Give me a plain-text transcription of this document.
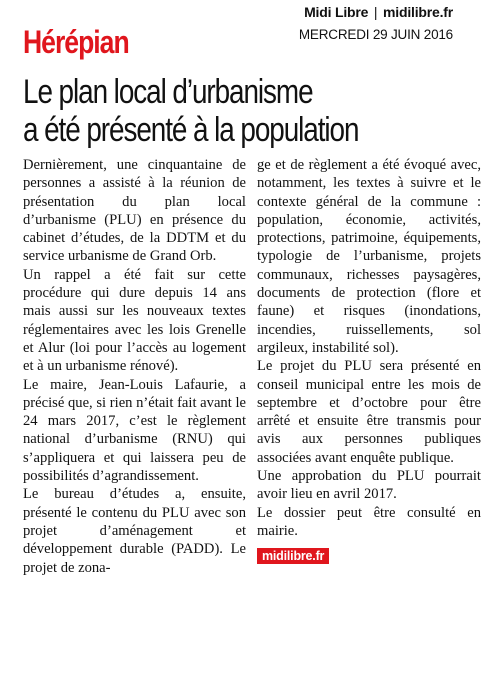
Midi Libre | midilibre.fr
MERCREDI 29 JUIN 2016
Hérépian
Le plan local d’urbanisme
a été présenté à la population

Dernièrement, une cinquantaine de personnes a assisté à la réunion de présentation du plan local d’urbanisme (PLU) en présence du cabinet d’études, de la DDTM et du service urbanisme de Grand Orb.

Un rappel a été fait sur cette procédure qui dure depuis 14 ans mais aussi sur les nouveaux textes réglementaires avec les lois Grenelle et Alur (loi pour l’accès au logement et à un urbanisme rénové).

Le maire, Jean-Louis Lafaurie, a précisé que, si rien n’était fait avant le 24 mars 2017, c’est le règlement national d’urbanisme (RNU) qui s’appliquera et qui laissera peu de possibilités d’agrandissement.

Le bureau d’études a, ensuite, présenté le contenu du PLU avec son projet d’aménagement et développement durable (PADD). Le projet de zona-

ge et de règlement a été évoqué avec, notamment, les textes à suivre et le contexte général de la commune : population, économie, activités, protections, patrimoine, équipements, typologie de l’urbanisme, projets communaux, richesses paysagères, documents de protection (flore et faune) et risques (inondations, incendies, ruissellements, sol argileux, instabilité sol).

Le projet du PLU sera présenté en conseil municipal entre les mois de septembre et d’octobre pour être arrêté et ensuite être transmis pour avis aux personnes publiques associées avant enquête publique.

Une approbation du PLU pourrait avoir lieu en avril 2017.

Le dossier peut être consulté en mairie.

midilibre.fr
